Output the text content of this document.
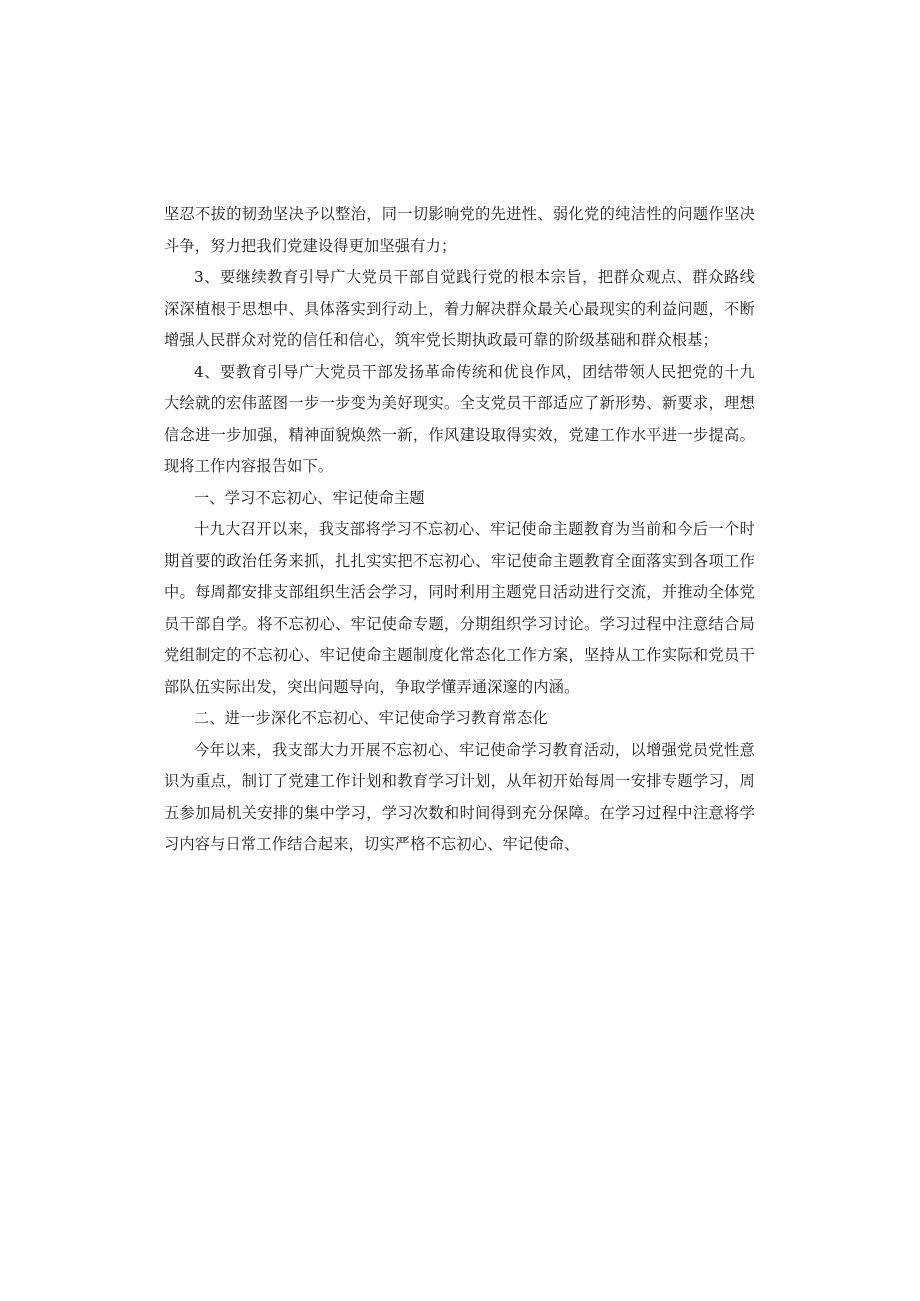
坚忍不拔的韧劲坚决予以整治，同一切影响党的先进性、弱化党的纯洁性的问题作坚决斗争，努力把我们党建设得更加坚强有力；

3、要继续教育引导广大党员干部自觉践行党的根本宗旨，把群众观点、群众路线深深植根于思想中、具体落实到行动上，着力解决群众最关心最现实的利益问题，不断增强人民群众对党的信任和信心，筑牢党长期执政最可靠的阶级基础和群众根基；

4、要教育引导广大党员干部发扬革命传统和优良作风，团结带领人民把党的十九大绘就的宏伟蓝图一步一步变为美好现实。全支党员干部适应了新形势、新要求，理想信念进一步加强，精神面貌焕然一新，作风建设取得实效，党建工作水平进一步提高。现将工作内容报告如下。

一、学习不忘初心、牢记使命主题

十九大召开以来，我支部将学习不忘初心、牢记使命主题教育为当前和今后一个时期首要的政治任务来抓，扎扎实实把不忘初心、牢记使命主题教育全面落实到各项工作中。每周都安排支部组织生活会学习，同时利用主题党日活动进行交流，并推动全体党员干部自学。将不忘初心、牢记使命专题，分期组织学习讨论。学习过程中注意结合局党组制定的不忘初心、牢记使命主题制度化常态化工作方案，坚持从工作实际和党员干部队伍实际出发，突出问题导向，争取学懂弄通深邃的内涵。

二、进一步深化不忘初心、牢记使命学习教育常态化

今年以来，我支部大力开展不忘初心、牢记使命学习教育活动，以增强党员党性意识为重点，制订了党建工作计划和教育学习计划，从年初开始每周一安排专题学习，周五参加局机关安排的集中学习，学习次数和时间得到充分保障。在学习过程中注意将学习内容与日常工作结合起来，切实严格不忘初心、牢记使命、
